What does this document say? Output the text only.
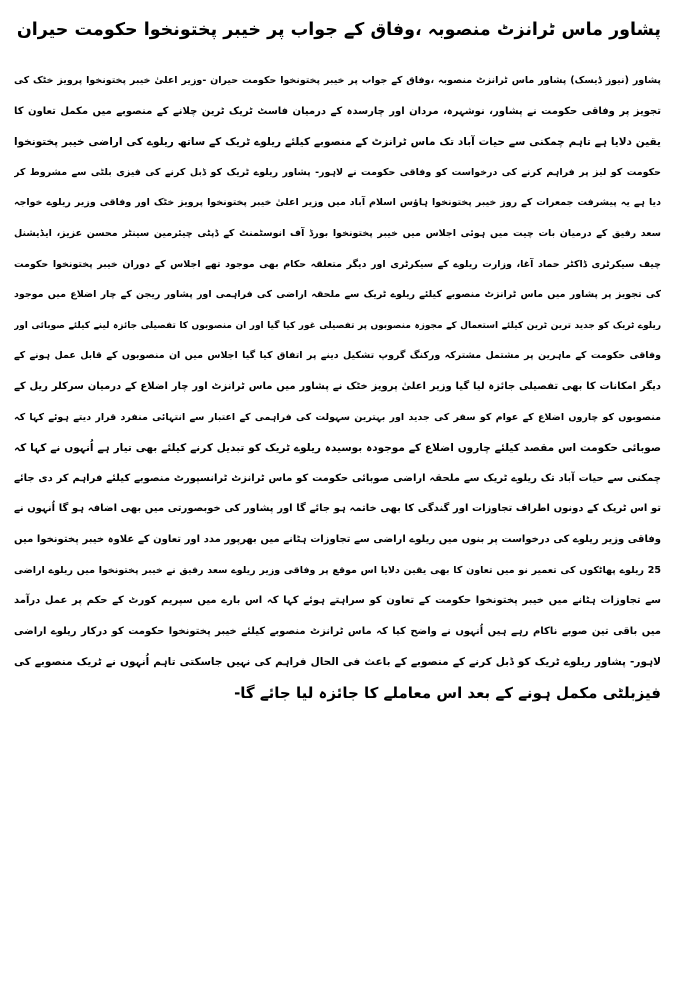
پشاور ماس ٹرانزٹ منصوبہ ،وفاق کے جواب پر خیبر پختونخوا حکومت حیران
پشاور (نیوز ڈیسک) پشاور ماس ٹرانزٹ منصوبہ ،وفاق کے جواب پر خیبر پختونخوا حکومت حیران -وزیر اعلیٰ خیبر پختونخوا پرویز خٹک کی
تجویز پر وفاقی حکومت نے پشاور، نوشہرہ، مردان اور چارسدہ کے درمیان فاسٹ ٹریک ٹرین چلانے کے منصوبے میں مکمل تعاون کا
یقین دلایا ہے تاہم چمکنی سے حیات آباد تک ماس ٹرانزٹ کے منصوبے کیلئے ریلوے ٹریک کے ساتھ ریلوے کی اراضی خیبر پختونخوا
حکومت کو لیز پر فراہم کرنے کی درخواست کو وفاقی حکومت نے لاہور- پشاور ریلوے ٹریک کو ڈبل کرنے کی فیزی بلٹی سے مشروط کر
دیا ہے یہ پیشرفت جمعرات کے روز خیبر پختونخوا ہاؤس اسلام آباد میں وزیر اعلیٰ خیبر پختونخوا پرویز خٹک اور وفاقی وزیر ریلوے خواجہ
سعد رفیق کے درمیان بات چیت میں ہوئی اجلاس میں خیبر پختونخوا بورڈ آف انوسٹمنٹ کے ڈپٹی چیئرمین سینٹر محسن عزیز، ایڈیشنل
چیف سیکرٹری ڈاکٹر حماد آغا، وزارت ریلوے کے سیکرٹری اور دیگر متعلقہ حکام بھی موجود تھے اجلاس کے دوران خیبر پختونخوا حکومت
کی تجویز پر پشاور میں ماس ٹرانزٹ منصوبے کیلئے ریلوے ٹریک سے ملحقہ اراضی کی فراہمی اور پشاور ریجن کے چار اضلاع میں موجود
ریلوے ٹریک کو جدید ترین ٹرین کیلئے استعمال کے مجوزہ منصوبوں پر تفصیلی غور کیا گیا اور ان منصوبوں کا تفصیلی جائزہ لینے کیلئے صوبائی اور
وفاقی حکومت کے ماہرین پر مشتمل مشترکہ ورکنگ گروپ تشکیل دینے پر اتفاق کیا گیا اجلاس میں ان منصوبوں کے قابل عمل ہونے کے
دیگر امکانات کا بھی تفصیلی جائزہ لیا گیا وزیر اعلیٰ پرویز خٹک نے پشاور میں ماس ٹرانزٹ اور چار اضلاع کے درمیان سرکلر ریل کے
منصوبوں کو چاروں اضلاع کے عوام کو سفر کی جدید اور بہترین سہولت کی فراہمی کے اعتبار سے انتہائی منفرد قرار دیتے ہوئے کہا کہ
صوبائی حکومت اس مقصد کیلئے چاروں اضلاع کے موجودہ بوسیدہ ریلوے ٹریک کو تبدیل کرنے کیلئے بھی تیار ہے اُنہوں نے کہا کہ
چمکنی سے حیات آباد تک ریلوے ٹریک سے ملحقہ اراضی صوبائی حکومت کو ماس ٹرانزٹ ٹرانسپورٹ منصوبے کیلئے فراہم کر دی جائے
تو اس ٹریک کے دونوں اطراف تجاوزات اور گندگی کا بھی خاتمہ ہو جائے گا اور پشاور کی خوبصورتی میں بھی اضافہ ہو گا اُنہوں نے
وفاقی وزیر ریلوے کی درخواست پر بنوں میں ریلوے اراضی سے تجاوزات ہٹانے میں بھرپور مدد اور تعاون کے علاوہ خیبر پختونخوا میں
25 ریلوے پھاٹکوں کی تعمیر نو میں تعاون کا بھی یقین دلایا اس موقع پر وفاقی وزیر ریلوے سعد رفیق نے خیبر پختونخوا میں ریلوے اراضی
سے تجاوزات ہٹانے میں خیبر پختونخوا حکومت کے تعاون کو سراہتے ہوئے کہا کہ اس بارے میں سپریم کورٹ کے حکم پر عمل درآمد
میں باقی تین صوبے ناکام رہے ہیں اُنہوں نے واضح کیا کہ ماس ٹرانزٹ منصوبے کیلئے خیبر پختونخوا حکومت کو درکار ریلوے اراضی
لاہور- پشاور ریلوے ٹریک کو ڈبل کرنے کے منصوبے کے باعث فی الحال فراہم کی نہیں جاسکتی تاہم اُنہوں نے ٹریک منصوبے کی
فیزبلٹی مکمل ہونے کے بعد اس معاملے کا جائزہ لیا جائے گا-
